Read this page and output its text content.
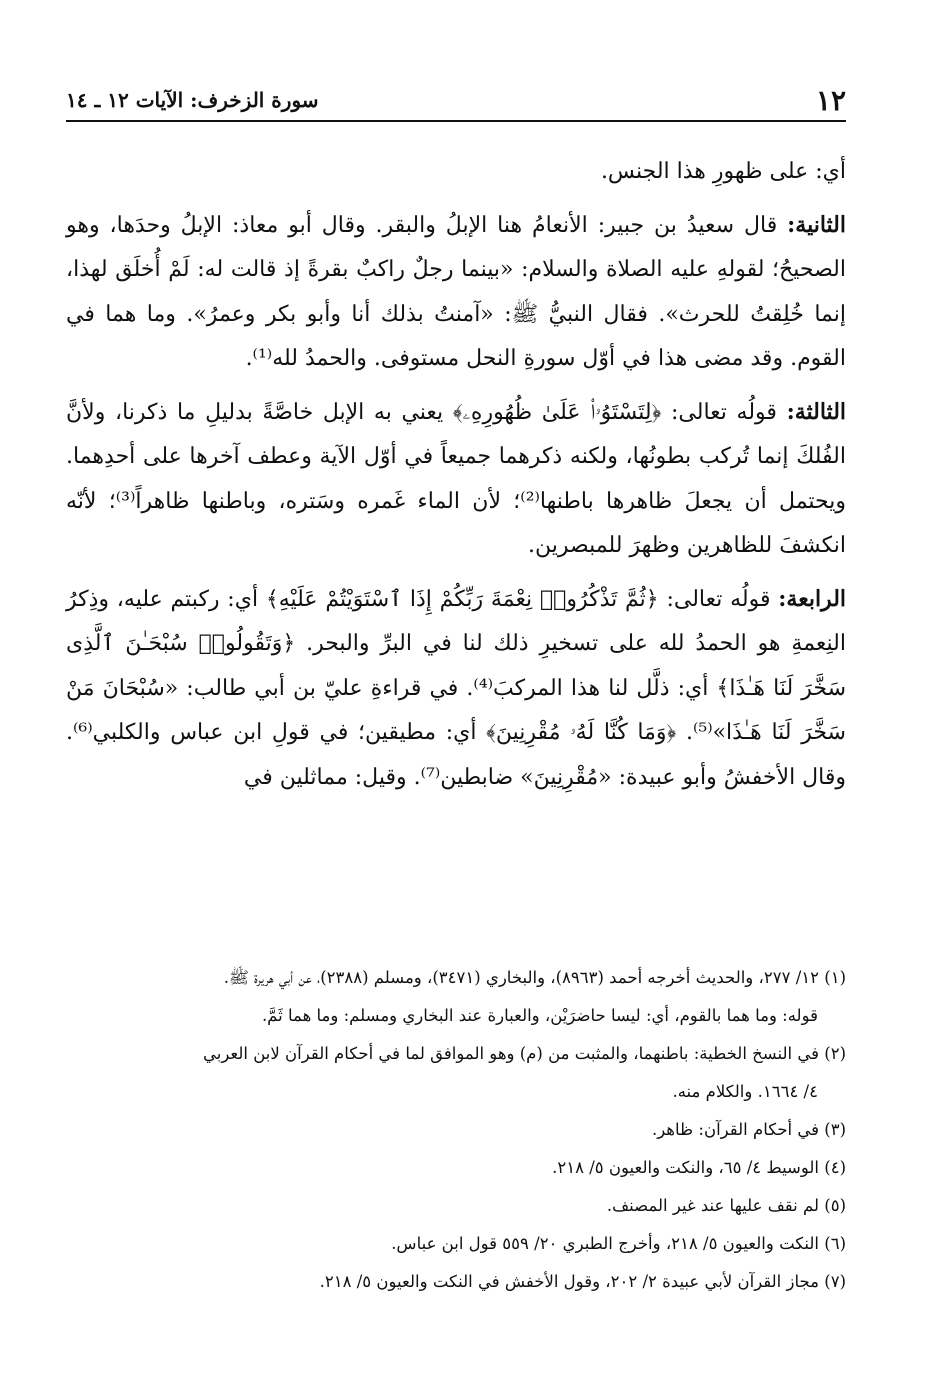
١٢
سورة الزخرف: الآيات ١٢ ـ ١٤

أي: على ظهورِ هذا الجنس.

الثانية: قال سعيدُ بن جبير: الأنعامُ هنا الإبلُ والبقر. وقال أبو معاذ: الإبلُ وحدَها، وهو الصحيحُ؛ لقولهِ عليه الصلاة والسلام: «بينما رجلٌ راكبٌ بقرةً إذ قالت له: لَمْ أُخلَق لهذا، إنما خُلِقتُ للحرث». فقال النبيُّ ﷺ: «آمنتُ بذلك أنا وأبو بكر وعمرُ». وما هما في القوم. وقد مضى هذا في أوّل سورةِ النحل مستوفى. والحمدُ لله⁽¹⁾.

الثالثة: قولُه تعالى: ﴿لِتَسْتَوُۥا۟ عَلَىٰ ظُهُورِهِۦ﴾ يعني به الإبل خاصَّةً بدليلِ ما ذكرنا، ولأنَّ الفُلكَ إنما تُركب بطونُها، ولكنه ذكرهما جميعاً في أوّل الآية وعطف آخرها على أحدِهما. ويحتمل أن يجعلَ ظاهرها باطنها⁽²⁾؛ لأن الماء غَمره وسَتره، وباطنها ظاهراً⁽³⁾؛ لأنّه انكشفَ للظاهرين وظهرَ للمبصرين.

الرابعة: قولُه تعالى: ﴿ثُمَّ تَذْكُرُوا۟ نِعْمَةَ رَبِّكُمْ إِذَا ٱسْتَوَيْتُمْ عَلَيْهِ﴾ أي: ركبتم عليه، وذِكرُ النِعمةِ هو الحمدُ لله على تسخيرِ ذلك لنا في البرِّ والبحر. ﴿وَتَقُولُوا۟ سُبْحَـٰنَ ٱلَّذِى سَخَّرَ لَنَا هَـٰذَا﴾ أي: ذلَّل لنا هذا المركبَ⁽⁴⁾. في قراءةِ عليّ بن أبي طالب: «سُبْحَانَ مَنْ سَخَّرَ لَنَا هَـٰذَا»⁽⁵⁾. ﴿وَمَا كُنَّا لَهُۥ مُقْرِنِينَ﴾ أي: مطيقين؛ في قولِ ابن عباس والكلبي⁽⁶⁾. وقال الأخفشُ وأبو عبيدة: «مُقْرِنِينَ» ضابطين⁽⁷⁾. وقيل: مماثلين في

(١) ١٢/ ٢٧٧، والحديث أخرجه أحمد (٨٩٦٣)، والبخاري (٣٤٧١)، ومسلم (٢٣٨٨)، عن أبي هريرة ﷺ.

قوله: وما هما بالقوم، أي: ليسا حاضرَيْن، والعبارة عند البخاري ومسلم: وما هما ثَمَّ.

(٢) في النسخ الخطية: باطنهما، والمثبت من (م) وهو الموافق لما في أحكام القرآن لابن العربي

٤/ ١٦٦٤. والكلام منه.

(٣) في أحكام القرآن: ظاهر.

(٤) الوسيط ٤/ ٦٥، والنكت والعيون ٥/ ٢١٨.

(٥) لم نقف عليها عند غير المصنف.

(٦) النكت والعيون ٥/ ٢١٨، وأخرج الطبري ٢٠/ ٥٥٩ قول ابن عباس.

(٧) مجاز القرآن لأبي عبيدة ٢/ ٢٠٢، وقول الأخفش في النكت والعيون ٥/ ٢١٨.
